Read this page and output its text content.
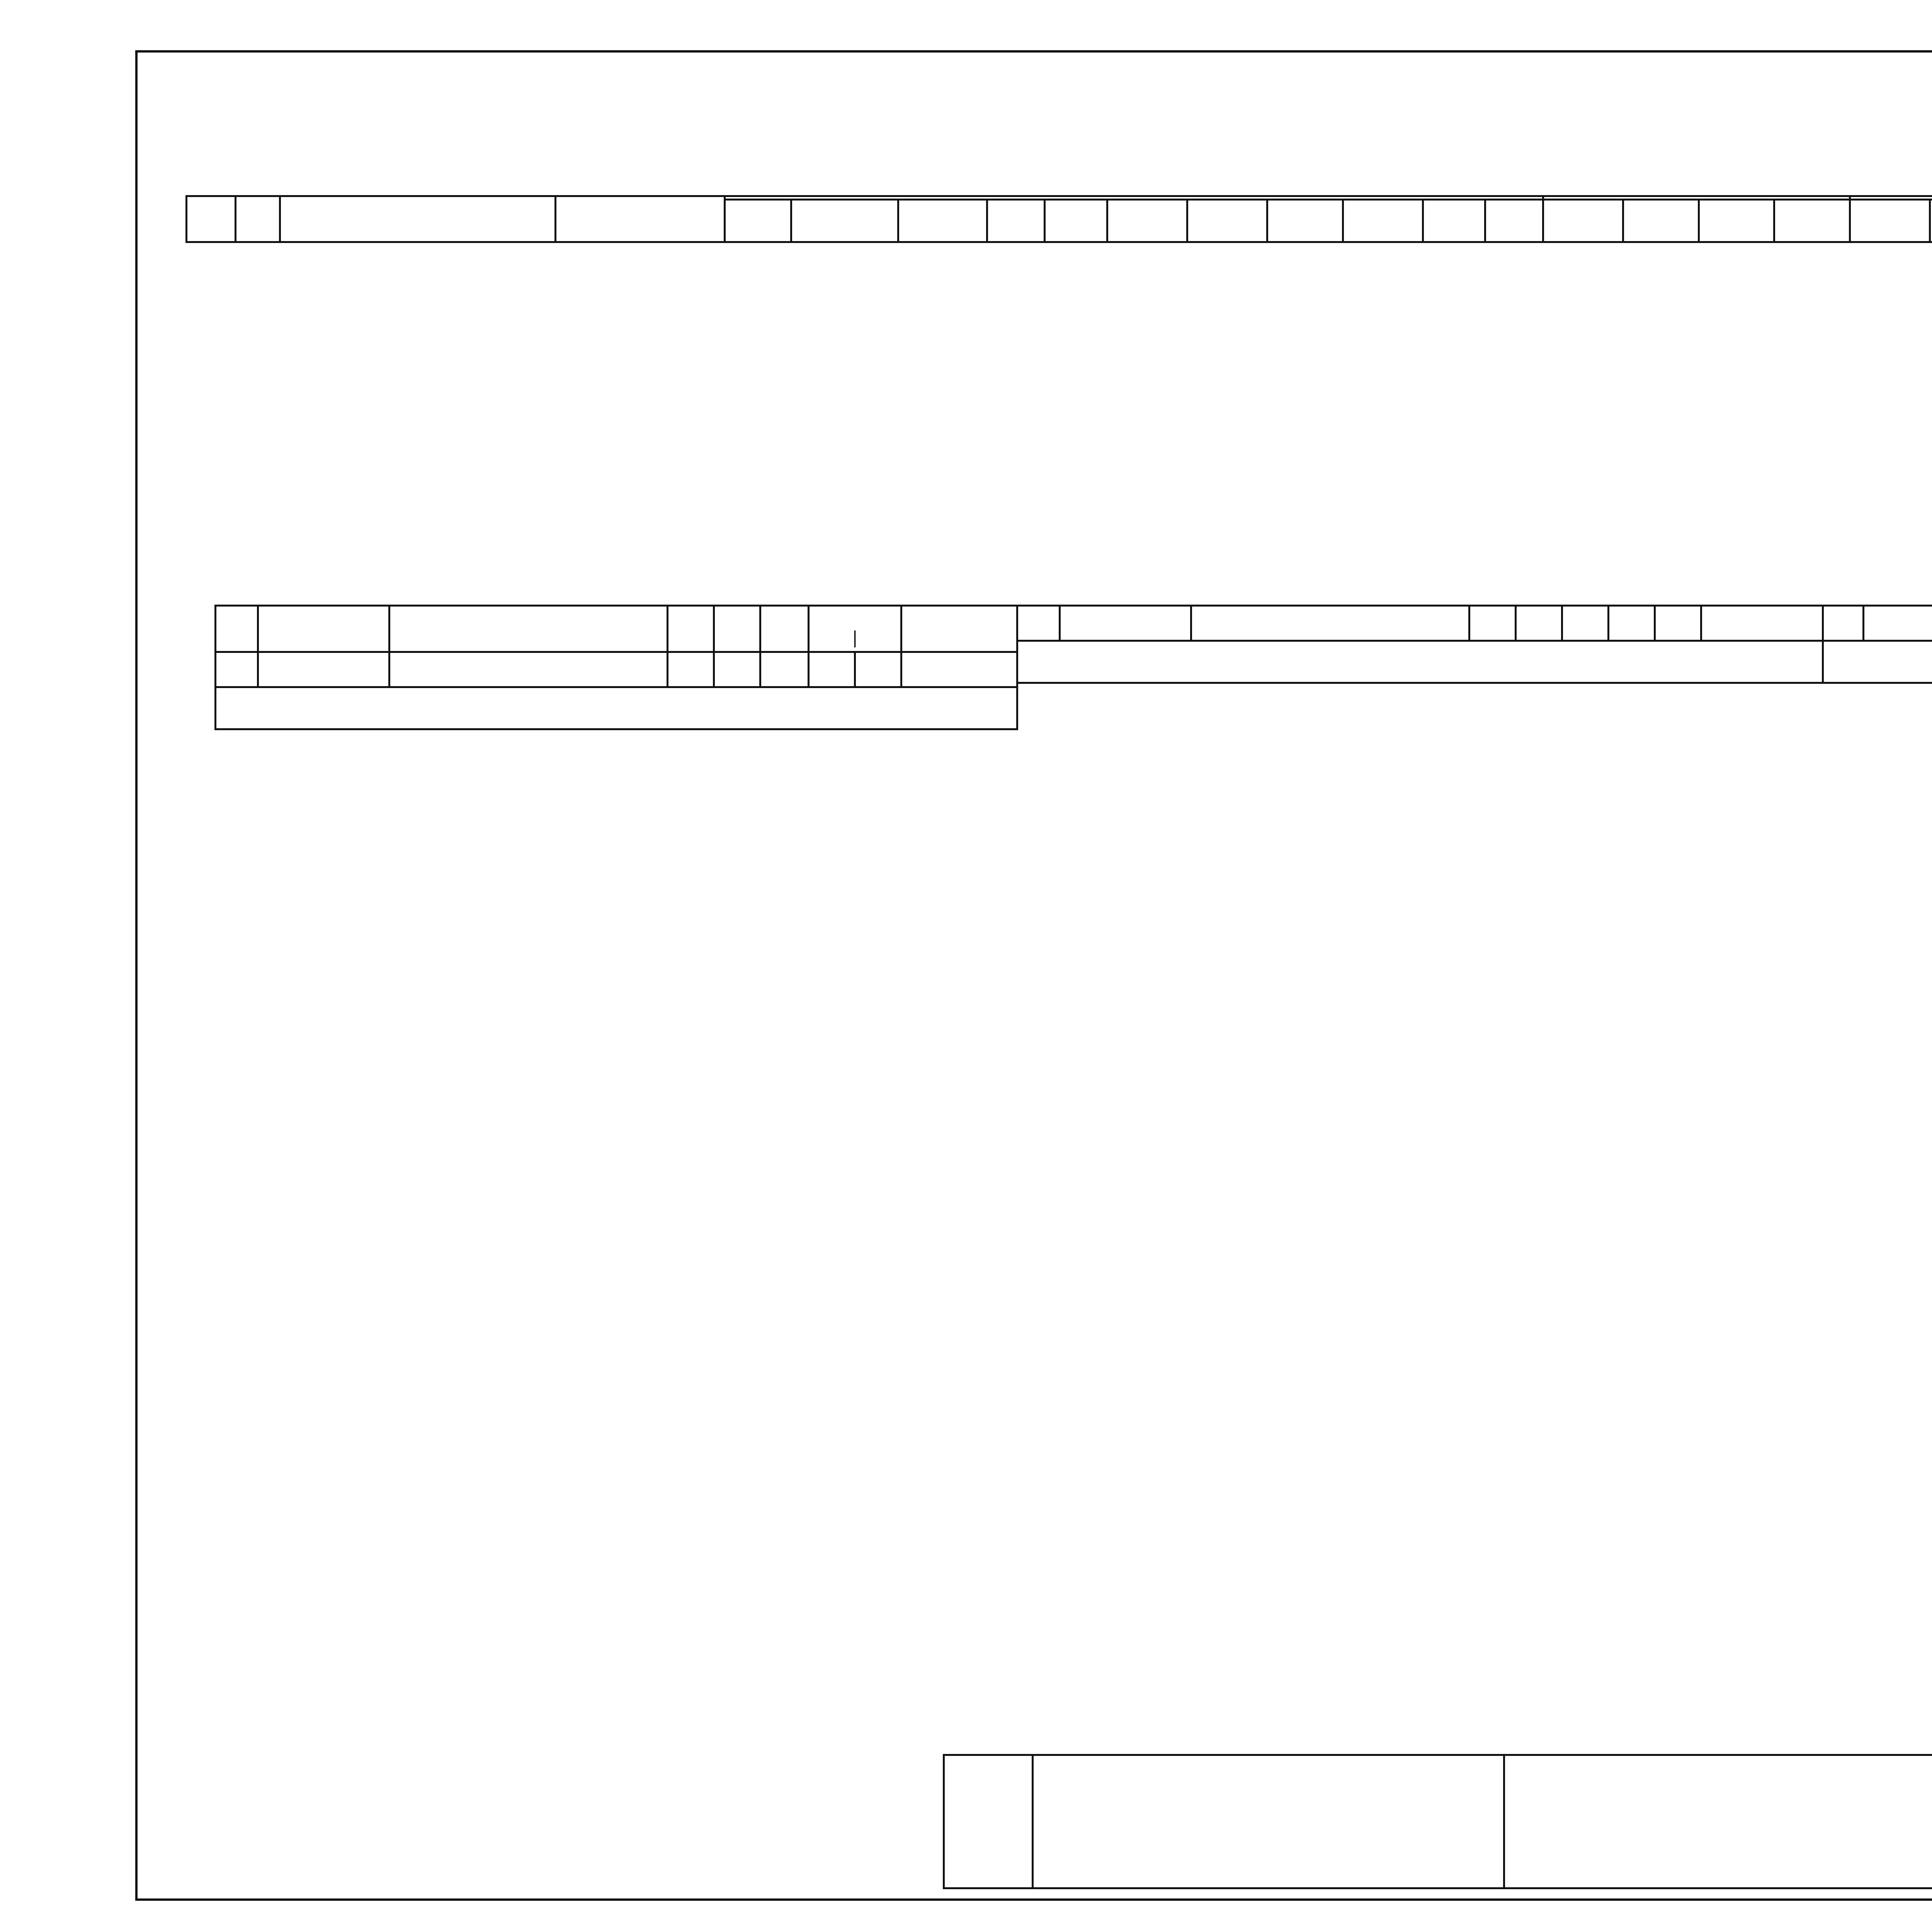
|		
